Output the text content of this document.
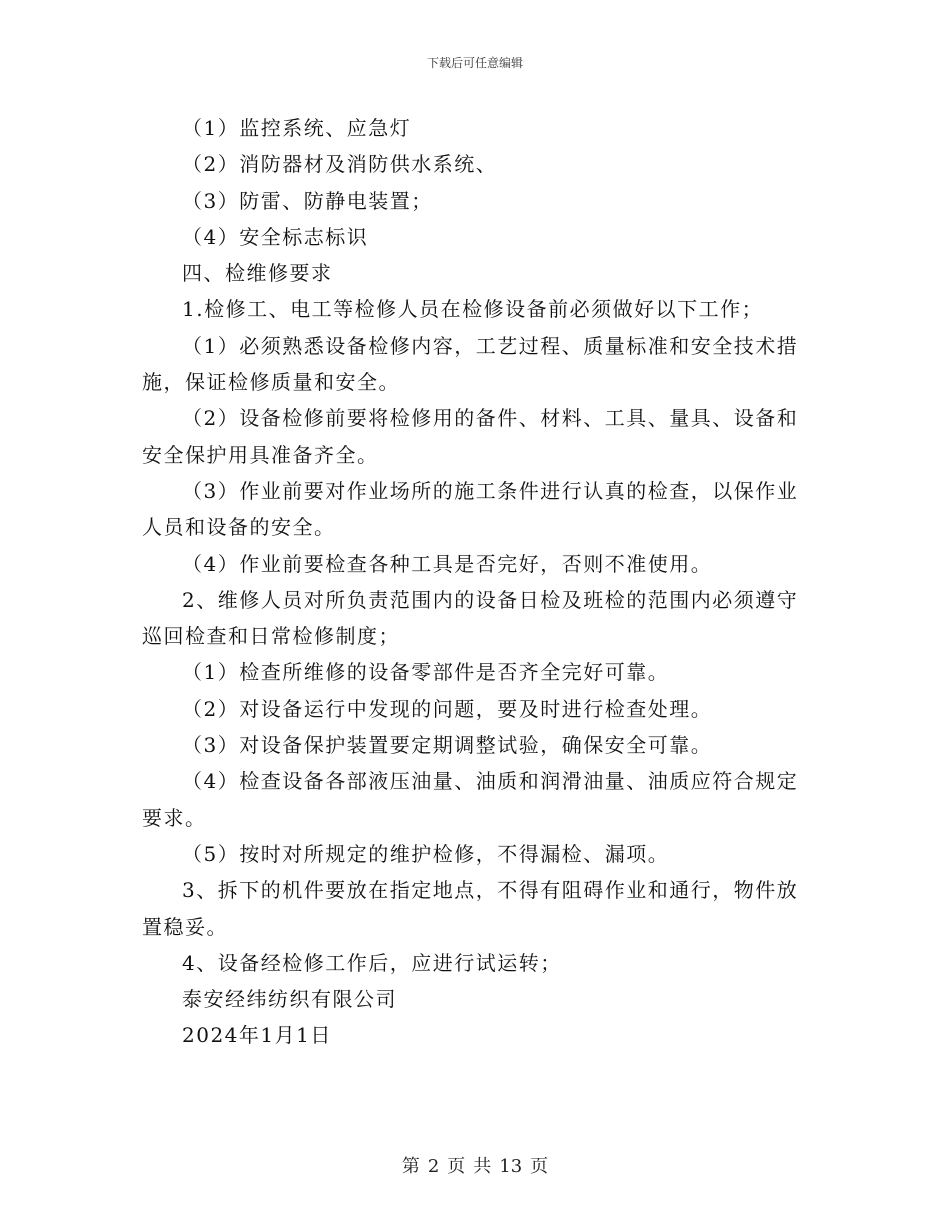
下载后可任意编辑

（1）监控系统、应急灯

（2）消防器材及消防供水系统、

（3）防雷、防静电装置；

（4）安全标志标识

四、检维修要求

1.检修工、电工等检修人员在检修设备前必须做好以下工作；

（1）必须熟悉设备检修内容，工艺过程、质量标准和安全技术措施，保证检修质量和安全。

（2）设备检修前要将检修用的备件、材料、工具、量具、设备和安全保护用具准备齐全。

（3）作业前要对作业场所的施工条件进行认真的检查，以保作业人员和设备的安全。

（4）作业前要检查各种工具是否完好，否则不准使用。

2、维修人员对所负责范围内的设备日检及班检的范围内必须遵守巡回检查和日常检修制度；

（1）检查所维修的设备零部件是否齐全完好可靠。

（2）对设备运行中发现的问题，要及时进行检查处理。

（3）对设备保护装置要定期调整试验，确保安全可靠。

（4）检查设备各部液压油量、油质和润滑油量、油质应符合规定要求。

（5）按时对所规定的维护检修，不得漏检、漏项。

3、拆下的机件要放在指定地点，不得有阻碍作业和通行，物件放置稳妥。

4、设备经检修工作后，应进行试运转；

泰安经纬纺织有限公司

2024年1月1日

第 2 页 共 13 页
